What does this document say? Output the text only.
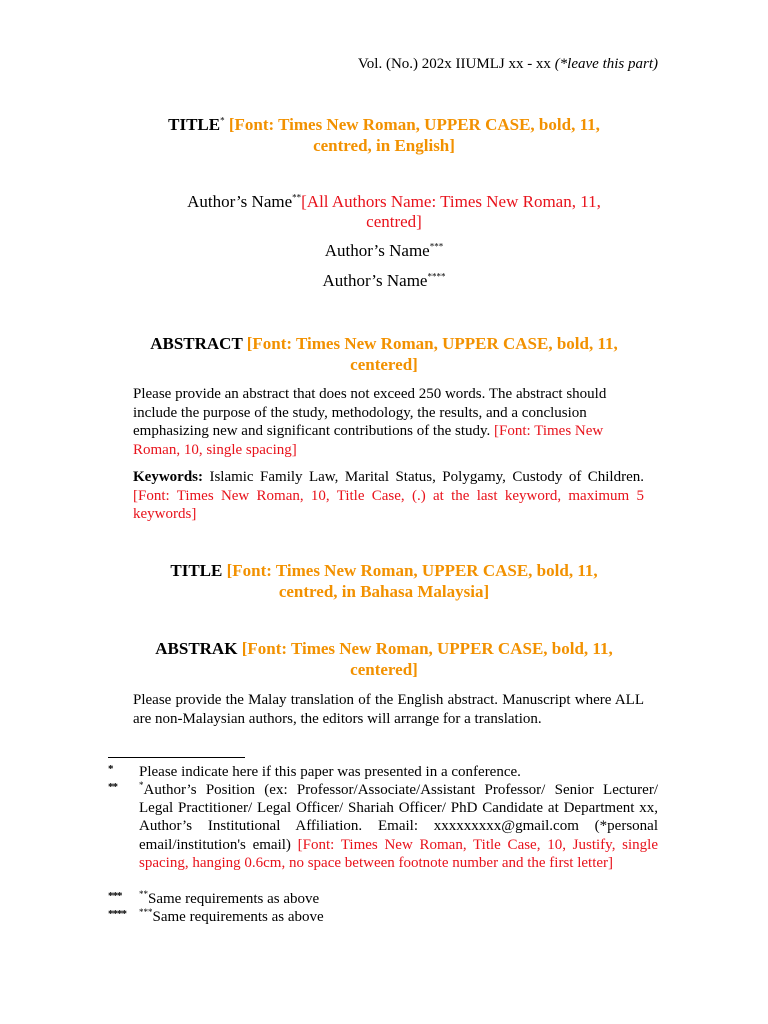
Vol. (No.) 202x IIUMLJ xx - xx (*leave this part)
TITLE* [Font: Times New Roman, UPPER CASE, bold, 11,
centred, in English]
Author’s Name**[All Authors Name: Times New Roman, 11,
centred]
Author’s Name***
Author’s Name****
ABSTRACT [Font: Times New Roman, UPPER CASE, bold, 11,
centered]
Please provide an abstract that does not exceed 250 words. The abstract should include the purpose of the study, methodology, the results, and a conclusion emphasizing new and significant contributions of the study. [Font: Times New Roman, 10, single spacing]
Keywords: Islamic Family Law, Marital Status, Polygamy, Custody of Children. [Font: Times New Roman, 10, Title Case, (.) at the last keyword, maximum 5 keywords]
TITLE [Font: Times New Roman, UPPER CASE, bold, 11,
centred, in Bahasa Malaysia]
ABSTRAK [Font: Times New Roman, UPPER CASE, bold, 11,
centered]
Please provide the Malay translation of the English abstract. Manuscript where ALL are non-Malaysian authors, the editors will arrange for a translation.
* Please indicate here if this paper was presented in a conference.
** *Author’s Position (ex: Professor/Associate/Assistant Professor/ Senior Lecturer/ Legal Practitioner/ Legal Officer/ Shariah Officer/ PhD Candidate at Department xx, Author’s Institutional Affiliation. Email: xxxxxxxxx@gmail.com (*personal email/institution's email) [Font: Times New Roman, Title Case, 10, Justify, single spacing, hanging 0.6cm, no space between footnote number and the first letter]
*** **Same requirements as above
**** ***Same requirements as above
